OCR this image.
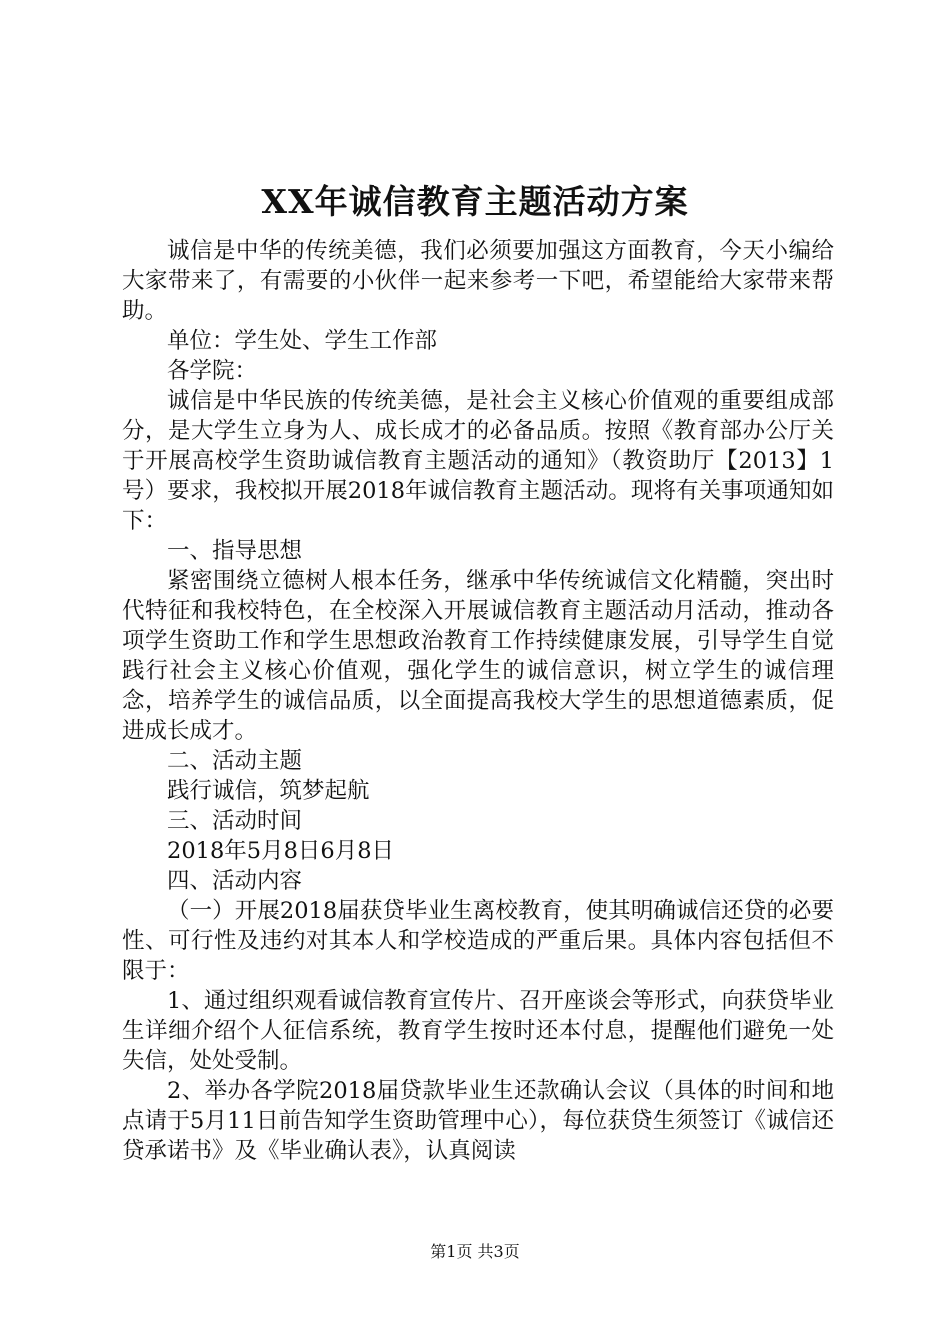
XX年诚信教育主题活动方案

诚信是中华的传统美德，我们必须要加强这方面教育，今天小编给大家带来了，有需要的小伙伴一起来参考一下吧，希望能给大家带来帮助。

单位：学生处、学生工作部

各学院：

诚信是中华民族的传统美德，是社会主义核心价值观的重要组成部分，是大学生立身为人、成长成才的必备品质。按照《教育部办公厅关于开展高校学生资助诚信教育主题活动的通知》（教资助厅【2013】1号）要求，我校拟开展2018年诚信教育主题活动。现将有关事项通知如下：

一、指导思想

紧密围绕立德树人根本任务，继承中华传统诚信文化精髓，突出时代特征和我校特色，在全校深入开展诚信教育主题活动月活动，推动各项学生资助工作和学生思想政治教育工作持续健康发展，引导学生自觉践行社会主义核心价值观，强化学生的诚信意识，树立学生的诚信理念，培养学生的诚信品质，以全面提高我校大学生的思想道德素质，促进成长成才。

二、活动主题

践行诚信，筑梦起航

三、活动时间

2018年5月8日6月8日

四、活动内容

（一）开展2018届获贷毕业生离校教育，使其明确诚信还贷的必要性、可行性及违约对其本人和学校造成的严重后果。具体内容包括但不限于：

1、通过组织观看诚信教育宣传片、召开座谈会等形式，向获贷毕业生详细介绍个人征信系统，教育学生按时还本付息，提醒他们避免一处失信，处处受制。

2、举办各学院2018届贷款毕业生还款确认会议（具体的时间和地点请于5月11日前告知学生资助管理中心），每位获贷生须签订《诚信还贷承诺书》及《毕业确认表》，认真阅读

第1页 共3页
